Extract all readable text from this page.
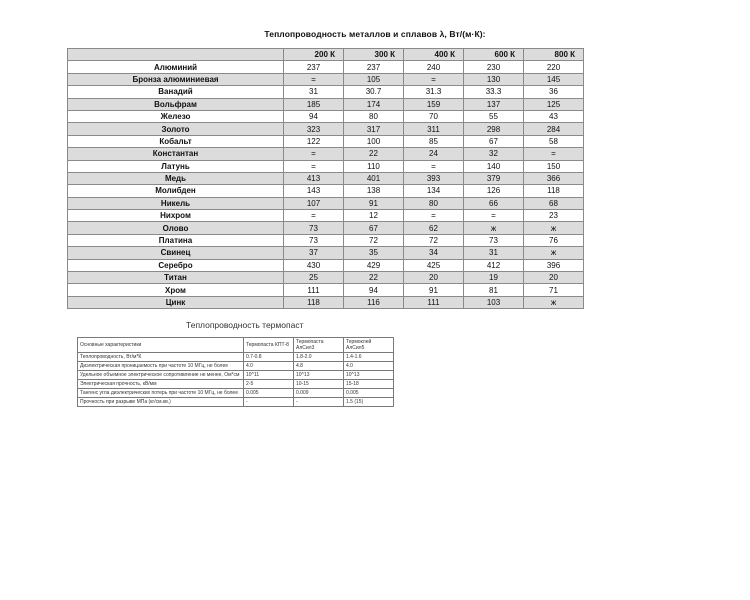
Теплопроводность металлов и сплавов λ, Вт/(м·К):
	200 К	300 К	400 К	600 К	800 К
Алюминий	237	237	240	230	220
Бронза алюминиевая	=	105	=	130	145
Ванадий	31	30.7	31.3	33.3	36
Вольфрам	185	174	159	137	125
Железо	94	80	70	55	43
Золото	323	317	311	298	284
Кобальт	122	100	85	67	58
Константан	=	22	24	32	=
Латунь	=	110	=	140	150
Медь	413	401	393	379	366
Молибден	143	138	134	126	118
Никель	107	91	80	66	68
Нихром	=	12	=	=	23
Олово	73	67	62	ж	ж
Платина	73	72	72	73	76
Свинец	37	35	34	31	ж
Серебро	430	429	425	412	396
Титан	25	22	20	19	20
Хром	111	94	91	81	71
Цинк	118	116	111	103	ж
Теплопроводность термопаст
Основные характеристики	Термопаста КПТ-8	Термопаста АлСил3	Термоклей АлСил5
Теплопроводность, Вт/м*К	0.7-0.8	1.8-2.0	1.4-1.6
Диэлектрическая проницаемость при частоте 10 МГц, не более	4.0	4.8	4.0
Удельное объемное электрическое сопротивление не менее, Ом*см	10^11	10^13	10^13
Электрическая прочность, кВ/мм	2-5	10-15	15-18
Тангенс угла диэлектрических потерь при частоте 10 МГц, не более	0.005	0.009	0.005
Прочность при разрыве МПа (кг/см.кв.)	-	-	1.5 (15)
